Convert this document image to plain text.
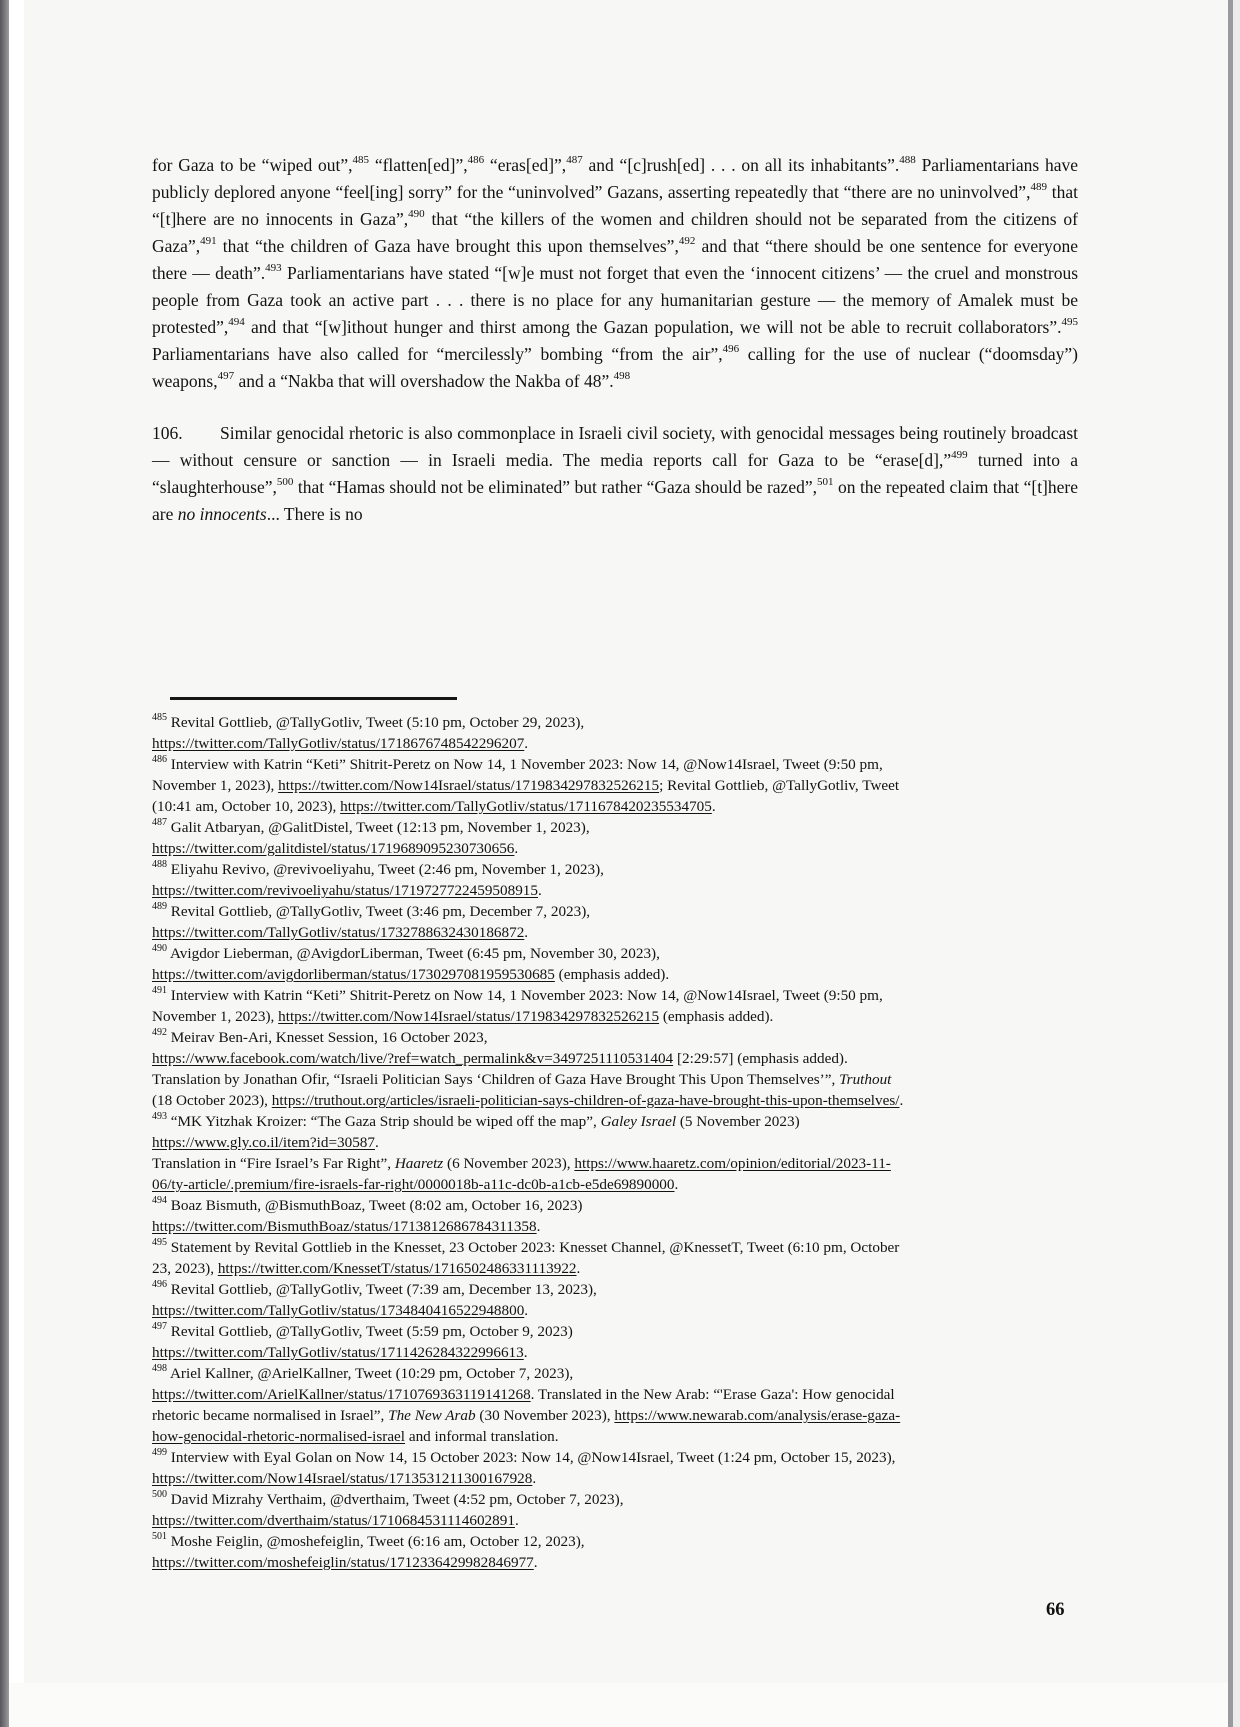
for Gaza to be “wiped out”,$^{485}$ “flatten[ed]”,$^{486}$ “eras[ed]”,$^{487}$ and “[c]rush[ed] . . . on all its inhabitants”.$^{488}$ Parliamentarians have publicly deplored anyone “feel[ing] sorry” for the “uninvolved” Gazans, asserting repeatedly that “there are no uninvolved”,$^{489}$ that “[t]here are no innocents in Gaza”,$^{490}$ that “the killers of the women and children should not be separated from the citizens of Gaza”,$^{491}$ that “the children of Gaza have brought this upon themselves”,$^{492}$ and that “there should be one sentence for everyone there — death”.$^{493}$ Parliamentarians have stated “[w]e must not forget that even the ‘innocent citizens’ — the cruel and monstrous people from Gaza took an active part . . . there is no place for any humanitarian gesture — the memory of Amalek must be protested”,$^{494}$ and that “[w]ithout hunger and thirst among the Gazan population, we will not be able to recruit collaborators”.$^{495}$ Parliamentarians have also called for “mercilessly” bombing “from the air”,$^{496}$ calling for the use of nuclear (“doomsday”) weapons,$^{497}$ and a “Nakba that will overshadow the Nakba of 48”.$^{498}$

106. Similar genocidal rhetoric is also commonplace in Israeli civil society, with genocidal messages being routinely broadcast — without censure or sanction — in Israeli media. The media reports call for Gaza to be “erase[d],”$^{499}$ turned into a “slaughterhouse”,$^{500}$ that “Hamas should not be eliminated” but rather “Gaza should be razed”,$^{501}$ on the repeated claim that “[t]here are no innocents... There is no

$^{485}$ Revital Gottlieb, @TallyGotliv, Tweet (5:10 pm, October 29, 2023),
https://twitter.com/TallyGotliv/status/1718676748542296207.
$^{486}$ Interview with Katrin “Keti” Shitrit-Peretz on Now 14, 1 November 2023: Now 14, @Now14Israel, Tweet (9:50 pm,
November 1, 2023), https://twitter.com/Now14Israel/status/1719834297832526215; Revital Gottlieb, @TallyGotliv, Tweet
(10:41 am, October 10, 2023), https://twitter.com/TallyGotliv/status/1711678420235534705.
$^{487}$ Galit Atbaryan, @GalitDistel, Tweet (12:13 pm, November 1, 2023),
https://twitter.com/galitdistel/status/1719689095230730656.
$^{488}$ Eliyahu Revivo, @revivoeliyahu, Tweet (2:46 pm, November 1, 2023),
https://twitter.com/revivoeliyahu/status/1719727722459508915.
$^{489}$ Revital Gottlieb, @TallyGotliv, Tweet (3:46 pm, December 7, 2023),
https://twitter.com/TallyGotliv/status/1732788632430186872.
$^{490}$ Avigdor Lieberman, @AvigdorLiberman, Tweet (6:45 pm, November 30, 2023),
https://twitter.com/avigdorliberman/status/1730297081959530685 (emphasis added).
$^{491}$ Interview with Katrin “Keti” Shitrit-Peretz on Now 14, 1 November 2023: Now 14, @Now14Israel, Tweet (9:50 pm,
November 1, 2023), https://twitter.com/Now14Israel/status/1719834297832526215 (emphasis added).
$^{492}$ Meirav Ben-Ari, Knesset Session, 16 October 2023,
https://www.facebook.com/watch/live/?ref=watch_permalink&v=3497251110531404 [2:29:57] (emphasis added).
Translation by Jonathan Ofir, “Israeli Politician Says ‘Children of Gaza Have Brought This Upon Themselves’”, Truthout
(18 October 2023), https://truthout.org/articles/israeli-politician-says-children-of-gaza-have-brought-this-upon-themselves/.
$^{493}$ “MK Yitzhak Kroizer: “The Gaza Strip should be wiped off the map”, Galey Israel (5 November 2023)
https://www.gly.co.il/item?id=30587.
Translation in “Fire Israel’s Far Right”, Haaretz (6 November 2023), https://www.haaretz.com/opinion/editorial/2023-11-
06/ty-article/.premium/fire-israels-far-right/0000018b-a11c-dc0b-a1cb-e5de69890000.
$^{494}$ Boaz Bismuth, @BismuthBoaz, Tweet (8:02 am, October 16, 2023)
https://twitter.com/BismuthBoaz/status/1713812686784311358.
$^{495}$ Statement by Revital Gottlieb in the Knesset, 23 October 2023: Knesset Channel, @KnessetT, Tweet (6:10 pm, October
23, 2023), https://twitter.com/KnessetT/status/1716502486331113922.
$^{496}$ Revital Gottlieb, @TallyGotliv, Tweet (7:39 am, December 13, 2023),
https://twitter.com/TallyGotliv/status/1734840416522948800.
$^{497}$ Revital Gottlieb, @TallyGotliv, Tweet (5:59 pm, October 9, 2023)
https://twitter.com/TallyGotliv/status/1711426284322996613.
$^{498}$ Ariel Kallner, @ArielKallner, Tweet (10:29 pm, October 7, 2023),
https://twitter.com/ArielKallner/status/1710769363119141268. Translated in the New Arab: “'Erase Gaza': How genocidal
rhetoric became normalised in Israel”, The New Arab (30 November 2023), https://www.newarab.com/analysis/erase-gaza-
how-genocidal-rhetoric-normalised-israel and informal translation.
$^{499}$ Interview with Eyal Golan on Now 14, 15 October 2023: Now 14, @Now14Israel, Tweet (1:24 pm, October 15, 2023),
https://twitter.com/Now14Israel/status/1713531211300167928.
$^{500}$ David Mizrahy Verthaim, @dverthaim, Tweet (4:52 pm, October 7, 2023),
https://twitter.com/dverthaim/status/1710684531114602891.
$^{501}$ Moshe Feiglin, @moshefeiglin, Tweet (6:16 am, October 12, 2023),
https://twitter.com/moshefeiglin/status/1712336429982846977.
66
